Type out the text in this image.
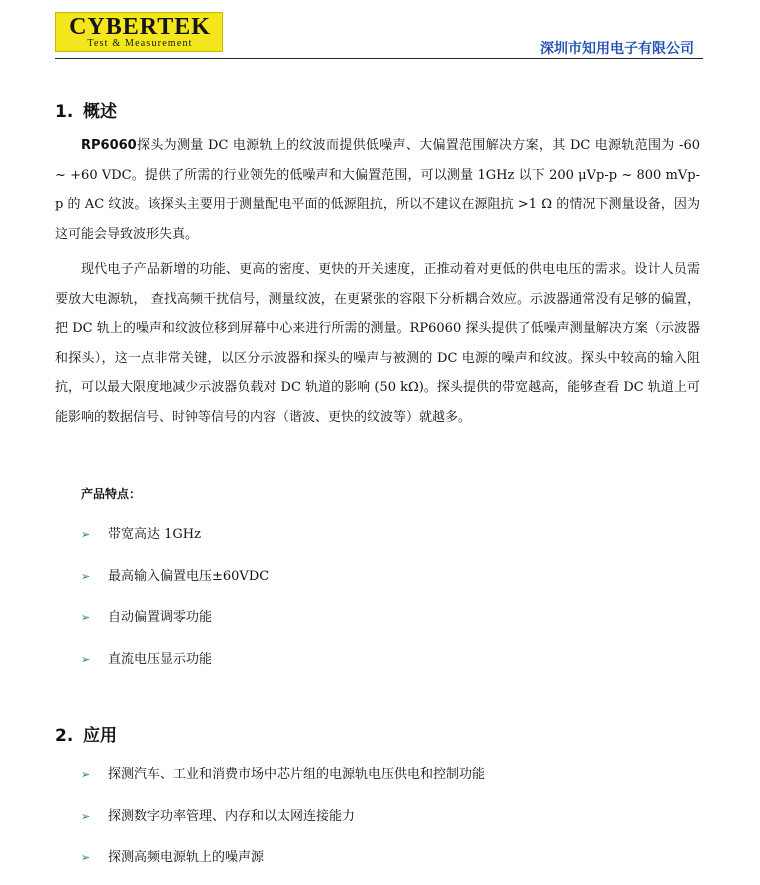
CYBERTEK
Test & Measurement	深圳市知用电子有限公司
1. 概述

RP6060探头为测量 DC 电源轨上的纹波而提供低噪声、大偏置范围解决方案，其 DC 电源轨范围为 -60 ~ +60 VDC。提供了所需的行业领先的低噪声和大偏置范围，可以测量 1GHz 以下 200 μVp-p ~ 800 mVp-p 的 AC 纹波。该探头主要用于测量配电平面的低源阻抗，所以不建议在源阻抗 >1 Ω 的情况下测量设备，因为这可能会导致波形失真。

现代电子产品新增的功能、更高的密度、更快的开关速度，正推动着对更低的供电电压的需求。设计人员需要放大电源轨， 查找高频干扰信号，测量纹波，在更紧张的容限下分析耦合效应。示波器通常没有足够的偏置，把 DC 轨上的噪声和纹波位移到屏幕中心来进行所需的测量。RP6060 探头提供了低噪声测量解决方案（示波器和探头），这一点非常关键，以区分示波器和探头的噪声与被测的 DC 电源的噪声和纹波。探头中较高的输入阻抗，可以最大限度地减少示波器负载对 DC 轨道的影响 (50 kΩ)。探头提供的带宽越高，能够查看 DC 轨道上可能影响的数据信号、时钟等信号的内容（谐波、更快的纹波等）就越多。

产品特点：
➢ 带宽高达 1GHz
➢ 最高输入偏置电压±60VDC
➢ 自动偏置调零功能
➢ 直流电压显示功能
2. 应用
➢ 探测汽车、工业和消费市场中芯片组的电源轨电压供电和控制功能
➢ 探测数字功率管理、内存和以太网连接能力
➢ 探测高频电源轨上的噪声源
